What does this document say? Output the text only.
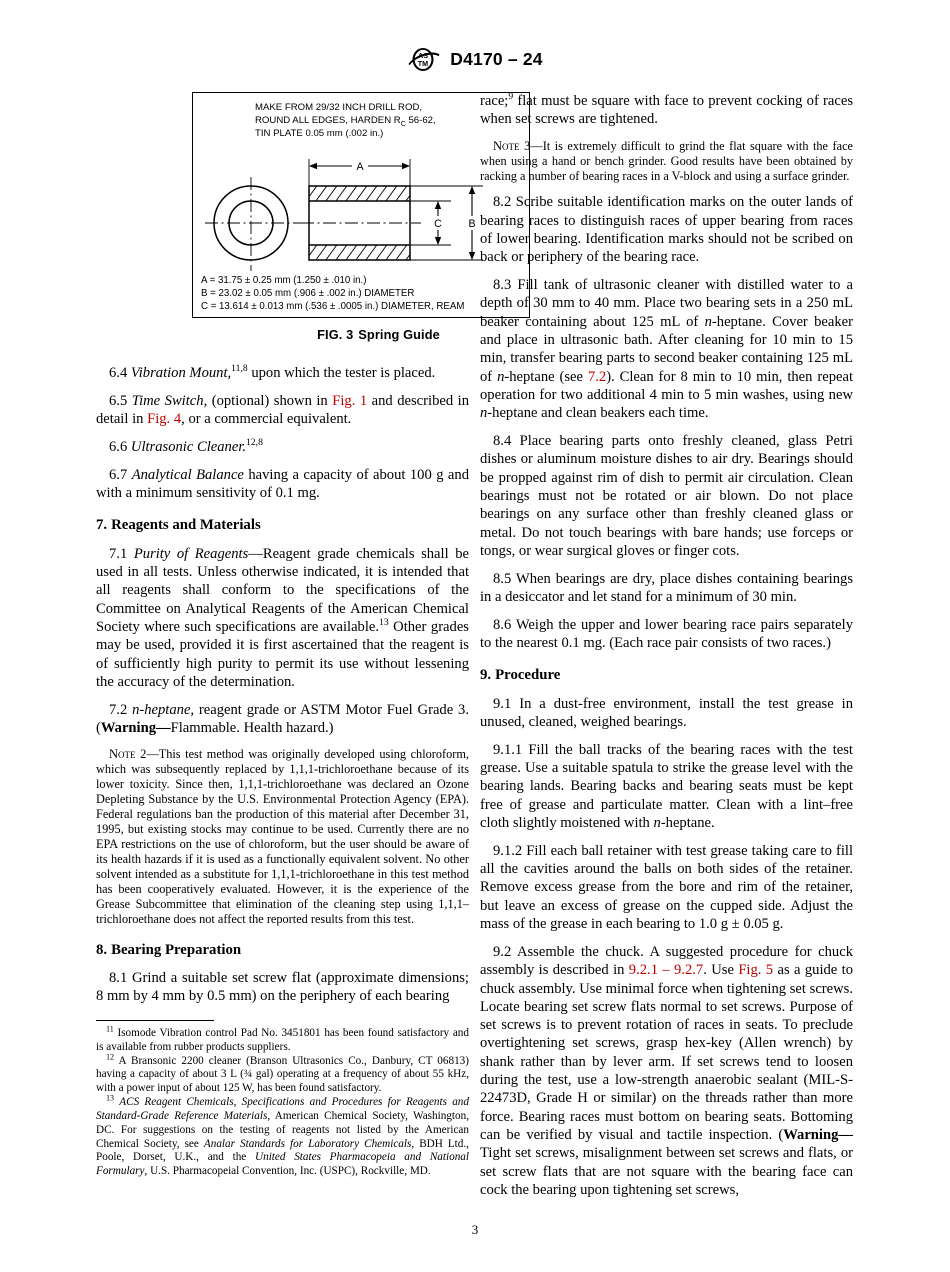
AS
TM D4170 – 24
MAKE FROM 29/32 INCH DRILL ROD,
ROUND ALL EDGES, HARDEN $R_C$ 56-62,
TIN PLATE 0.05 mm (.002 in.)
A
B
C
A = 31.75 ± 0.25 mm (1.250 ± .010 in.)
B = 23.02 ± 0.05 mm (.906 ± .002 in.) DIAMETER
C = 13.614 ± 0.013 mm (.536 ± .0005 in.) DIAMETER, REAM
FIG. 3 Spring Guide

6.4 Vibration Mount,$^{11,8}$ upon which the tester is placed.

6.5 Time Switch, (optional) shown in Fig. 1 and described in detail in Fig. 4, or a commercial equivalent.

6.6 Ultrasonic Cleaner.$^{12,8}$

6.7 Analytical Balance having a capacity of about 100 g and with a minimum sensitivity of 0.1 mg.

7. Reagents and Materials

7.1 Purity of Reagents—Reagent grade chemicals shall be used in all tests. Unless otherwise indicated, it is intended that all reagents shall conform to the specifications of the Committee on Analytical Reagents of the American Chemical Society where such specifications are available.$^{13}$ Other grades may be used, provided it is first ascertained that the reagent is of sufficiently high purity to permit its use without lessening the accuracy of the determination.

7.2 n-heptane, reagent grade or ASTM Motor Fuel Grade 3. (Warning—Flammable. Health hazard.)

Note 2—This test method was originally developed using chloroform, which was subsequently replaced by 1,1,1-trichloroethane because of its lower toxicity. Since then, 1,1,1-trichloroethane was declared an Ozone Depleting Substance by the U.S. Environmental Protection Agency (EPA). Federal regulations ban the production of this material after December 31, 1995, but existing stocks may continue to be used. Currently there are no EPA restrictions on the use of chloroform, but the user should be aware of its health hazards if it is used as a functionally equivalent solvent. No other solvent intended as a substitute for 1,1,1-trichloroethane in this test method has been cooperatively evaluated. However, it is the experience of the Grease Subcommittee that elimination of the cleaning step using 1,1,1–trichloroethane does not affect the reported results from this test.

8. Bearing Preparation

8.1 Grind a suitable set screw flat (approximate dimensions; 8 mm by 4 mm by 0.5 mm) on the periphery of each bearing

race;$^9$ flat must be square with face to prevent cocking of races when set screws are tightened.

Note 3—It is extremely difficult to grind the flat square with the face when using a hand or bench grinder. Good results have been obtained by racking a number of bearing races in a V-block and using a surface grinder.

8.2 Scribe suitable identification marks on the outer lands of bearing races to distinguish races of upper bearing from races of lower bearing. Identification marks should not be scribed on back or periphery of the bearing race.

8.3 Fill tank of ultrasonic cleaner with distilled water to a depth of 30 mm to 40 mm. Place two bearing sets in a 250 mL beaker containing about 125 mL of n-heptane. Cover beaker and place in ultrasonic bath. After cleaning for 10 min to 15 min, transfer bearing parts to second beaker containing 125 mL of n-heptane (see 7.2). Clean for 8 min to 10 min, then repeat operation for two additional 4 min to 5 min washes, using new n-heptane and clean beakers each time.

8.4 Place bearing parts onto freshly cleaned, glass Petri dishes or aluminum moisture dishes to air dry. Bearings should be propped against rim of dish to permit air circulation. Clean bearings must not be rotated or air blown. Do not place bearings on any surface other than freshly cleaned glass or metal. Do not touch bearings with bare hands; use forceps or tongs, or wear surgical gloves or finger cots.

8.5 When bearings are dry, place dishes containing bearings in a desiccator and let stand for a minimum of 30 min.

8.6 Weigh the upper and lower bearing race pairs separately to the nearest 0.1 mg. (Each race pair consists of two races.)

9. Procedure

9.1 In a dust-free environment, install the test grease in unused, cleaned, weighed bearings.

9.1.1 Fill the ball tracks of the bearing races with the test grease. Use a suitable spatula to strike the grease level with the bearing lands. Bearing backs and bearing seats must be kept free of grease and particulate matter. Clean with a lint–free cloth slightly moistened with n-heptane.

9.1.2 Fill each ball retainer with test grease taking care to fill all the cavities around the balls on both sides of the retainer. Remove excess grease from the bore and rim of the retainer, but leave an excess of grease on the cupped side. Adjust the mass of the grease in each bearing to 1.0 g ± 0.05 g.

9.2 Assemble the chuck. A suggested procedure for chuck assembly is described in 9.2.1 – 9.2.7. Use Fig. 5 as a guide to chuck assembly. Use minimal force when tightening set screws. Locate bearing set screw flats normal to set screws. Purpose of set screws is to prevent rotation of races in seats. To preclude overtightening set screws, grasp hex-key (Allen wrench) by shank rather than by lever arm. If set screws tend to loosen during the test, use a low-strength anaerobic sealant (MIL-S-22473D, Grade H or similar) on the threads rather than more force. Bearing races must bottom on bearing seats. Bottoming can be verified by visual and tactile inspection. (Warning—Tight set screws, misalignment between set screws and flats, or set screw flats that are not square with the bearing face can cock the bearing upon tightening set screws,

$^{11}$ Isomode Vibration control Pad No. 3451801 has been found satisfactory and is available from rubber products suppliers.

$^{12}$ A Bransonic 2200 cleaner (Branson Ultrasonics Co., Danbury, CT 06813) having a capacity of about 3 L (¾ gal) operating at a frequency of about 55 kHz, with a power input of about 125 W, has been found satisfactory.

$^{13}$ ACS Reagent Chemicals, Specifications and Procedures for Reagents and Standard-Grade Reference Materials, American Chemical Society, Washington, DC. For suggestions on the testing of reagents not listed by the American Chemical Society, see Analar Standards for Laboratory Chemicals, BDH Ltd., Poole, Dorset, U.K., and the United States Pharmacopeia and National Formulary, U.S. Pharmacopeial Convention, Inc. (USPC), Rockville, MD.

3
